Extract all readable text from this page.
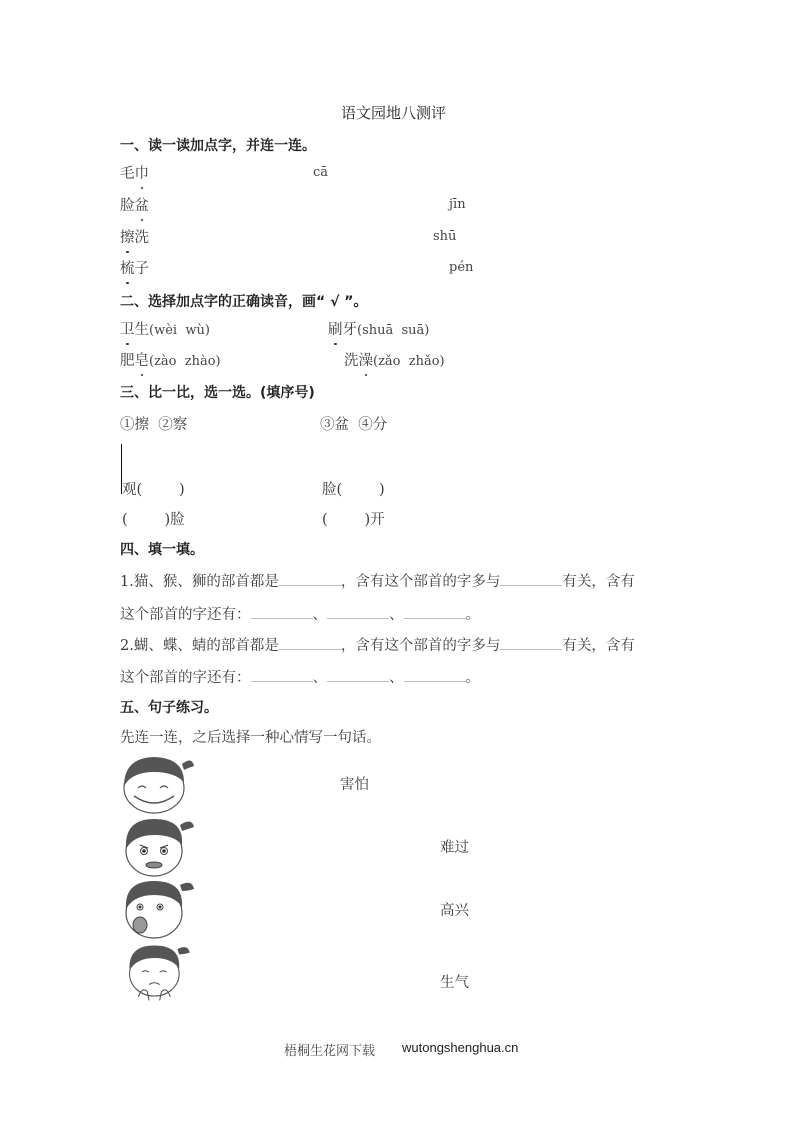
语文园地八测评
一、读一读加点字，并连一连。
毛巾	cā
脸盆	jīn
擦洗	shū
梳子	pén
二、选择加点字的正确读音，画“ √ ”。
卫生(wèi  wù)	刷牙(shuā  suā)
肥皂(zào  zhào)	洗澡(zǎo  zhǎo)
三、比一比，选一选。(填序号)
①擦  ②察	③盆  ④分
观(        )	脸(        )
(        )脸	(        )开
四、填一填。
1.猫、猴、狮的部首都是	，含有这个部首的字多与	有关，含有
这个部首的字还有：	、	、	。
2.蝴、蝶、蜻的部首都是	，含有这个部首的字多与	有关，含有
这个部首的字还有：	、	、	。
五、句子练习。
先连一连，之后选择一种心情写一句话。
害怕
难过
高兴
生气
梧桐生花网下载 wutongshenghua.cn
